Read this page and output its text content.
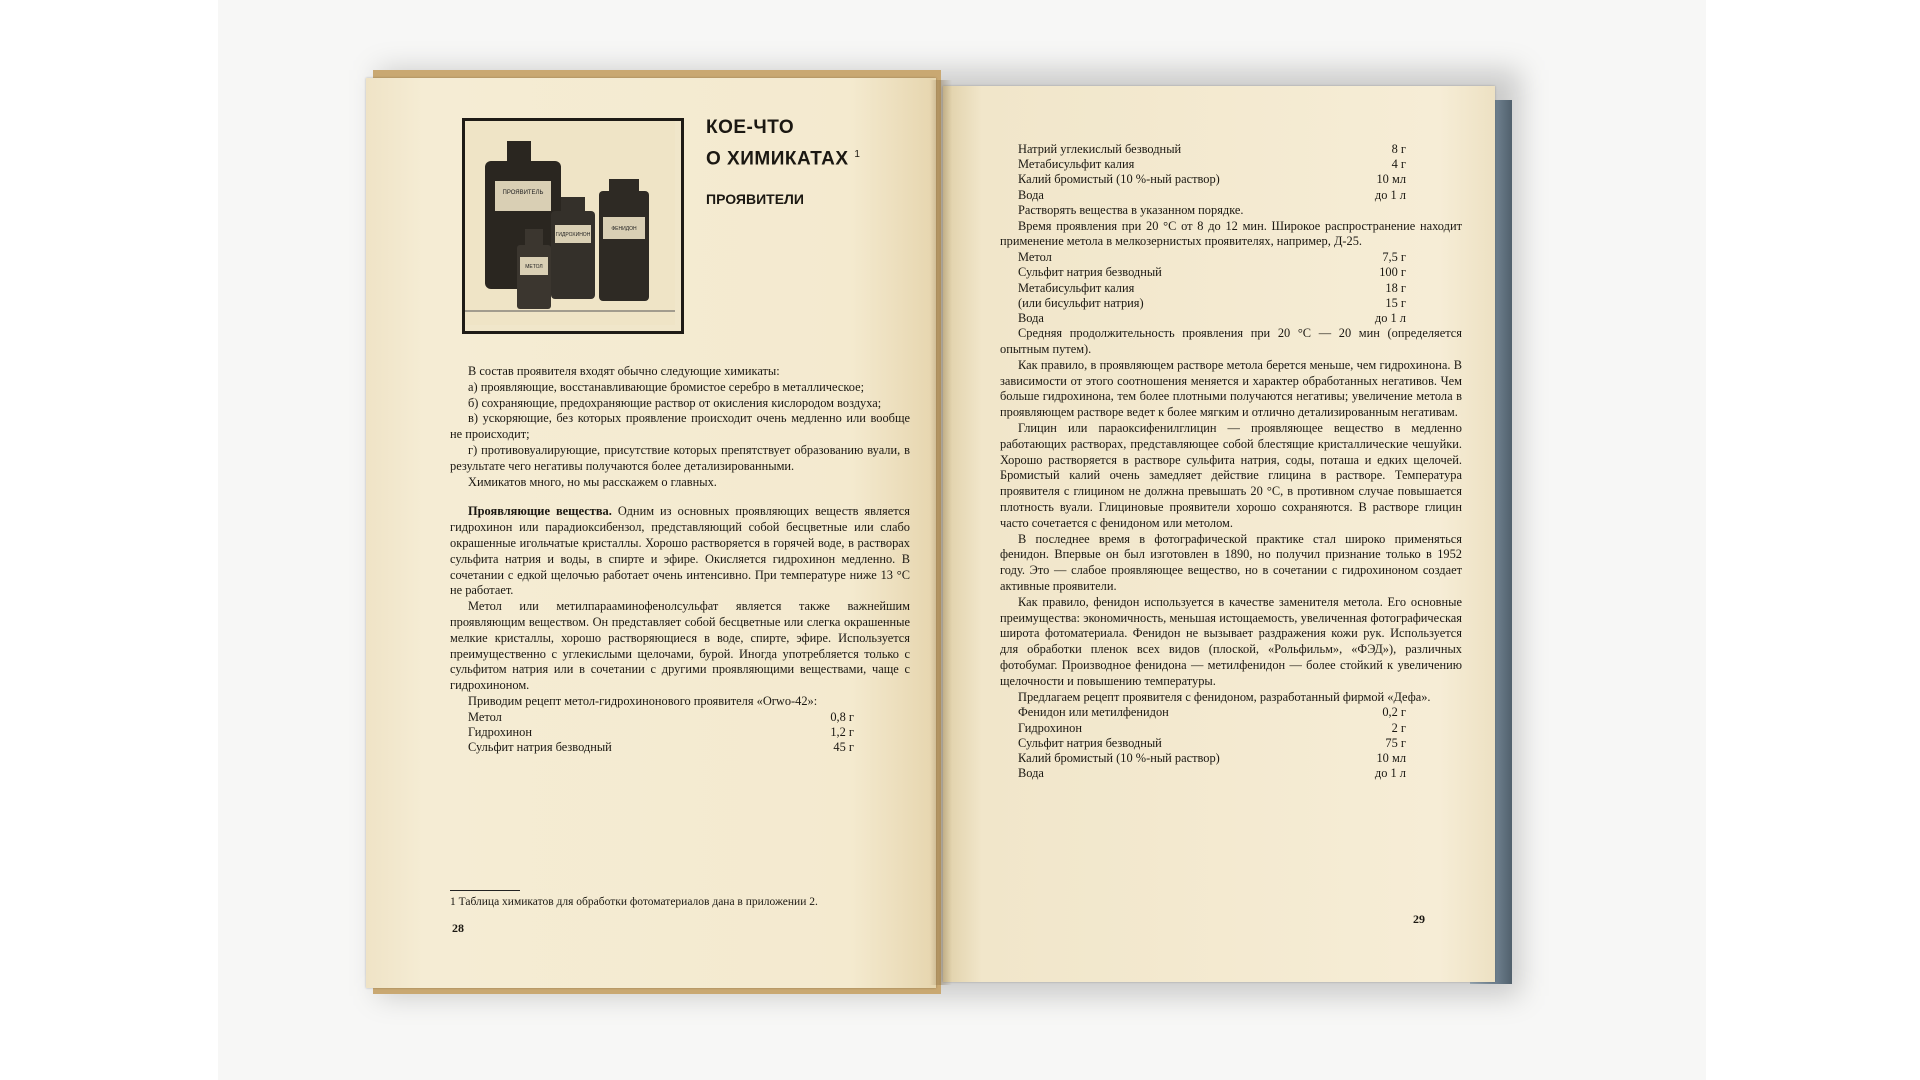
ПРОЯВИТЕЛЬ
ГИДРОХИНОН
МЕТОЛ
ФЕНИДОН
КОЕ-ЧТО
О ХИМИКАТАХ $^1$
ПРОЯВИТЕЛИ

В состав проявителя входят обычно следующие химикаты:

а) проявляющие, восстанавливающие бромистое серебро в металлическое;

б) сохраняющие, предохраняющие раствор от окисления кислородом воздуха;

в) ускоряющие, без которых проявление происходит очень медленно или вообще не происходит;

г) противовуалирующие, присутствие которых препятствует образованию вуали, в результате чего негативы получаются более детализированными.

Химикатов много, но мы расскажем о главных.

Проявляющие вещества. Одним из основных проявляющих веществ является гидрохинон или парадиоксибензол, представляющий собой бесцветные или слабо окрашенные игольчатые кристаллы. Хорошо растворяется в горячей воде, в растворах сульфита натрия и воды, в спирте и эфире. Окисляется гидрохинон медленно. В сочетании с едкой щелочью работает очень интенсивно. При температуре ниже 13 °С не работает.

Метол или метилпарааминофенолсульфат является также важнейшим проявляющим веществом. Он представляет собой бесцветные или слегка окрашенные мелкие кристаллы, хорошо растворяющиеся в воде, спирте, эфире. Используется преимущественно с углекислыми щелочами, бурой. Иногда употребляется только с сульфитом натрия или в сочетании с другими проявляющими веществами, чаще с гидрохиноном.

Приводим рецепт метол-гидрохинонового проявителя «Orwo-42»:

Метол	0,8 г
Гидрохинон	1,2 г
Сульфит натрия безводный	45 г
1 Таблица химикатов для обработки фотоматериалов дана в приложении 2.
28
Натрий углекислый безводный	8 г
Метабисульфит калия	4 г
Калий бромистый (10 %-ный раствор)	10 мл
Вода	до 1 л

Растворять вещества в указанном порядке.

Время проявления при 20 °С от 8 до 12 мин. Широкое распространение находит применение метола в мелкозернистых проявителях, например, Д-25.

Метол	7,5 г
Сульфит натрия безводный	100 г
Метабисульфит калия	18 г
(или бисульфит натрия)	15 г
Вода	до 1 л

Средняя продолжительность проявления при 20 °С — 20 мин (определяется опытным путем).

Как правило, в проявляющем растворе метола берется меньше, чем гидрохинона. В зависимости от этого соотношения меняется и характер обработанных негативов. Чем больше гидрохинона, тем более плотными получаются негативы; увеличение метола в проявляющем растворе ведет к более мягким и отлично детализированным негативам.

Глицин или параоксифенилглицин — проявляющее вещество в медленно работающих растворах, представляющее собой блестящие кристаллические чешуйки. Хорошо растворяется в растворе сульфита натрия, соды, поташа и едких щелочей. Бромистый калий очень замедляет действие глицина в растворе. Температура проявителя с глицином не должна превышать 20 °С, в противном случае повышается плотность вуали. Глициновые проявители хорошо сохраняются. В растворе глицин часто сочетается с фенидоном или метолом.

В последнее время в фотографической практике стал широко применяться фенидон. Впервые он был изготовлен в 1890, но получил признание только в 1952 году. Это — слабое проявляющее вещество, но в сочетании с гидрохиноном создает активные проявители.

Как правило, фенидон используется в качестве заменителя метола. Его основные преимущества: экономичность, меньшая истощаемость, увеличенная фотографическая широта фотоматериала. Фенидон не вызывает раздражения кожи рук. Используется для обработки пленок всех видов (плоской, «Рольфильм», «ФЭД»), различных фотобумаг. Производное фенидона — метилфенидон — более стойкий к увеличению щелочности и повышению температуры.

Предлагаем рецепт проявителя с фенидоном, разработанный фирмой «Дефа».

Фенидон или метилфенидон	0,2 г
Гидрохинон	2 г
Сульфит натрия безводный	75 г
Калий бромистый (10 %-ный раствор)	10 мл
Вода	до 1 л
29
